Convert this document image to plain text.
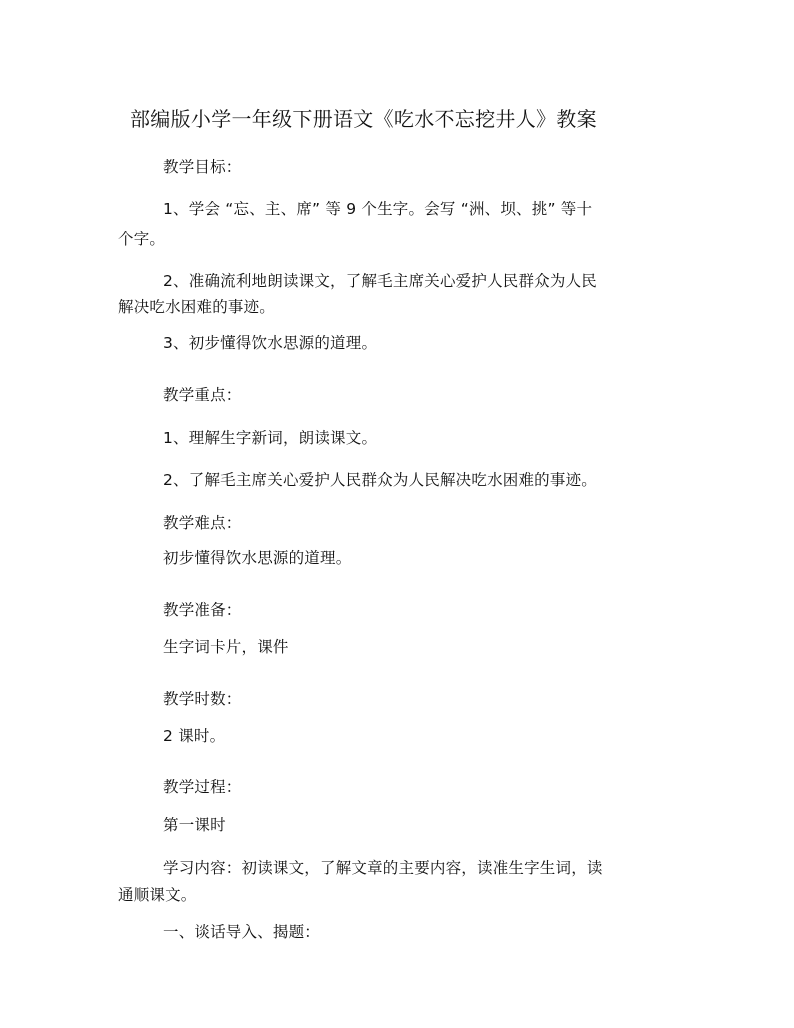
部编版小学一年级下册语文《吃水不忘挖井人》教案
教学目标：
1、学会 “忘、主、席” 等 9 个生字。会写 “洲、坝、挑” 等十
个字。
2、准确流利地朗读课文，了解毛主席关心爱护人民群众为人民
解决吃水困难的事迹。
3、初步懂得饮水思源的道理。
教学重点：
1、理解生字新词，朗读课文。
2、了解毛主席关心爱护人民群众为人民解决吃水困难的事迹。
教学难点：
初步懂得饮水思源的道理。
教学准备：
生字词卡片，课件
教学时数：
2 课时。
教学过程：
第一课时
学习内容：初读课文，了解文章的主要内容，读准生字生词，读
通顺课文。
一、谈话导入、揭题：
